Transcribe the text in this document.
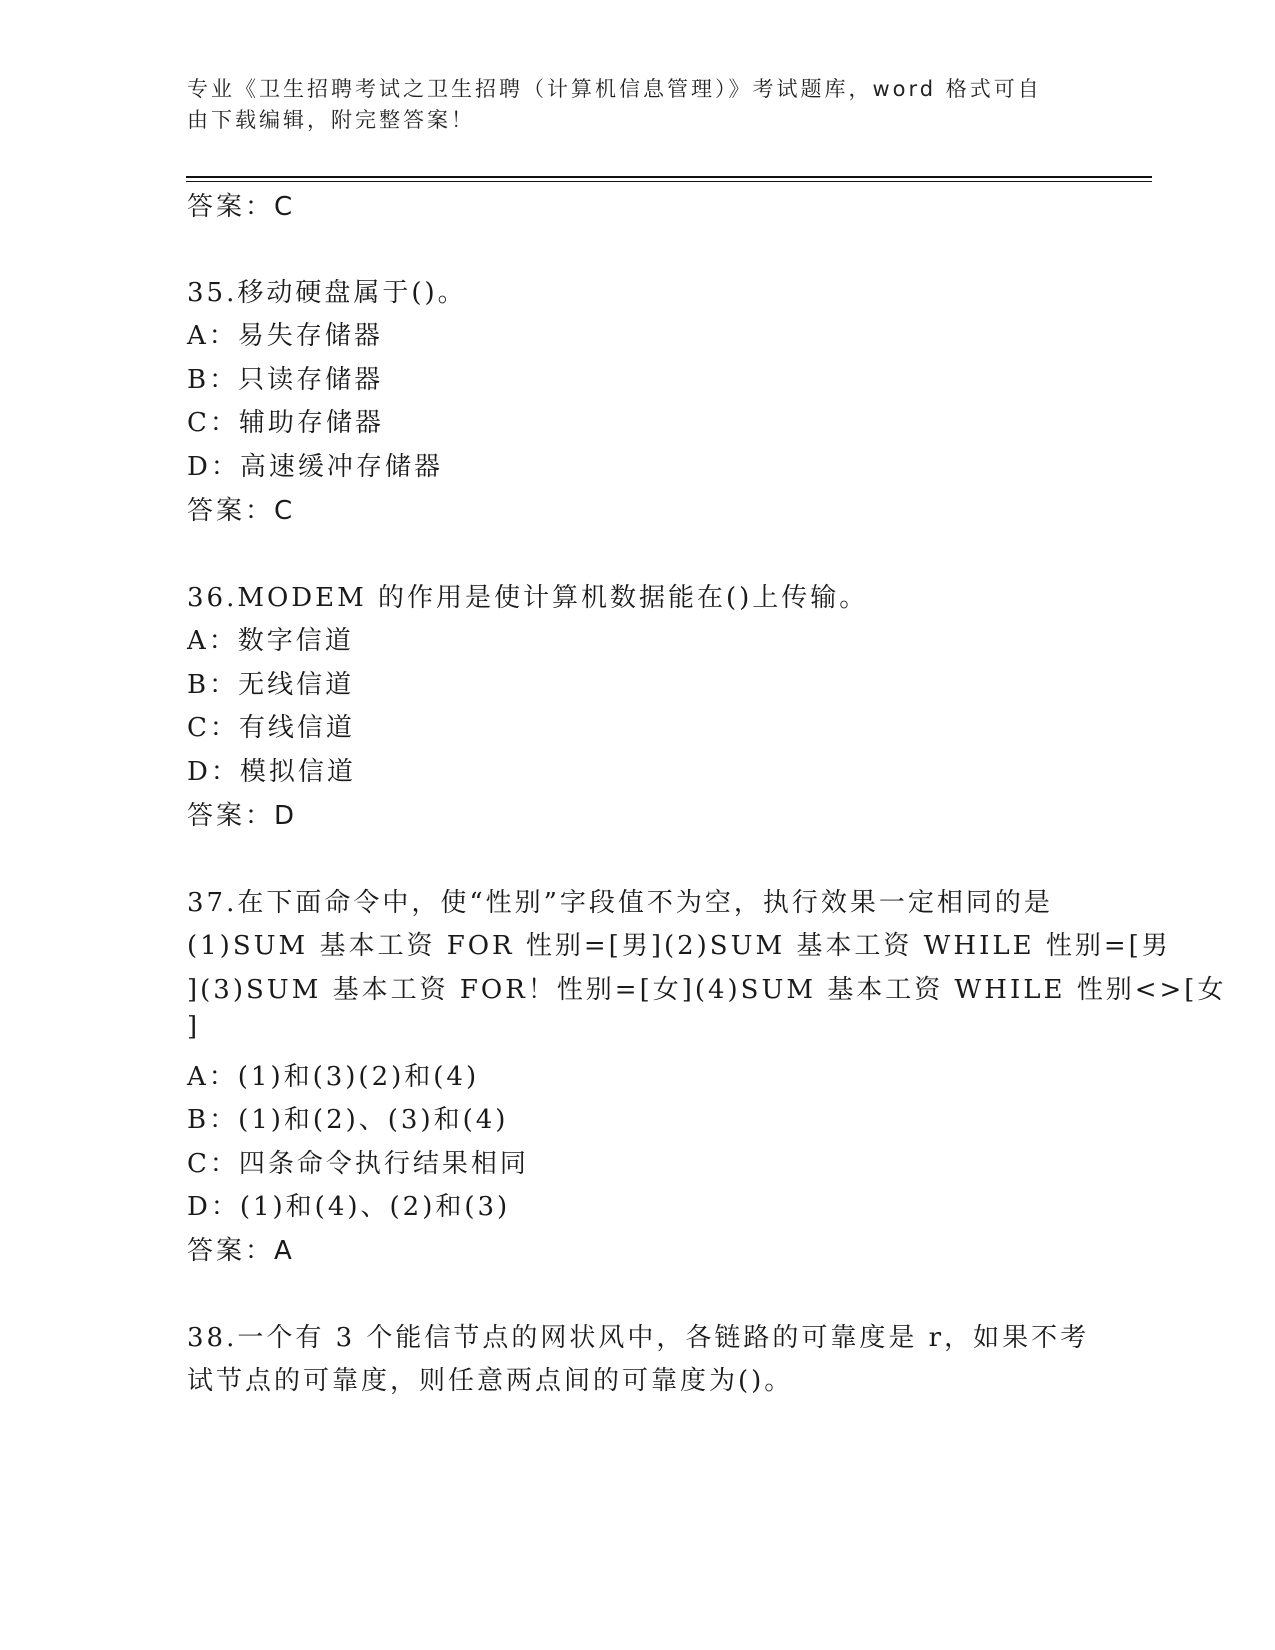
专业《卫生招聘考试之卫生招聘（计算机信息管理）》考试题库，word 格式可自
由下载编辑，附完整答案！
答案：C
35.移动硬盘属于()。
A：易失存储器
B：只读存储器
C：辅助存储器
D：高速缓冲存储器
答案：C
36.MODEM 的作用是使计算机数据能在()上传输。
A：数字信道
B：无线信道
C：有线信道
D：模拟信道
答案：D
37.在下面命令中，使“性别”字段值不为空，执行效果一定相同的是
(1)SUM 基本工资 FOR 性别=[男](2)SUM 基本工资 WHILE 性别=[男
](3)SUM 基本工资 FOR！性别=[女](4)SUM 基本工资 WHILE 性别<>[女
]
A：(1)和(3)(2)和(4)
B：(1)和(2)、(3)和(4)
C：四条命令执行结果相同
D：(1)和(4)、(2)和(3)
答案：A
38.一个有 3 个能信节点的网状风中，各链路的可靠度是 r，如果不考
试节点的可靠度，则任意两点间的可靠度为()。
